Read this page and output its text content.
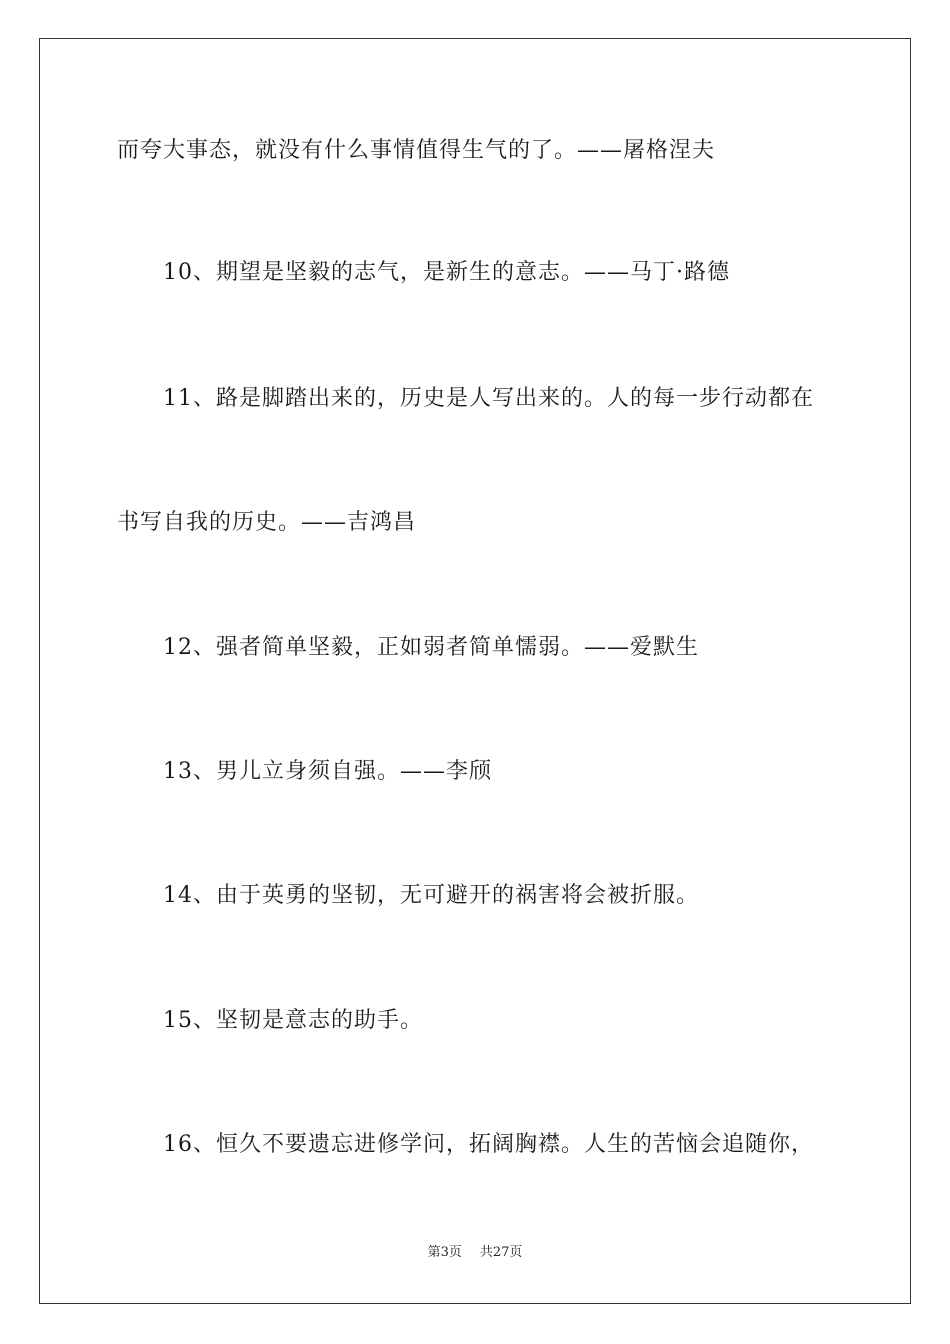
而夸大事态，就没有什么事情值得生气的了。——屠格涅夫
10、期望是坚毅的志气，是新生的意志。——马丁·路德
11、路是脚踏出来的，历史是人写出来的。人的每一步行动都在
书写自我的历史。——吉鸿昌
12、强者简单坚毅，正如弱者简单懦弱。——爱默生
13、男儿立身须自强。——李颀
14、由于英勇的坚韧，无可避开的祸害将会被折服。
15、坚韧是意志的助手。
16、恒久不要遗忘进修学问，拓阔胸襟。人生的苦恼会追随你，
第3页 共27页
